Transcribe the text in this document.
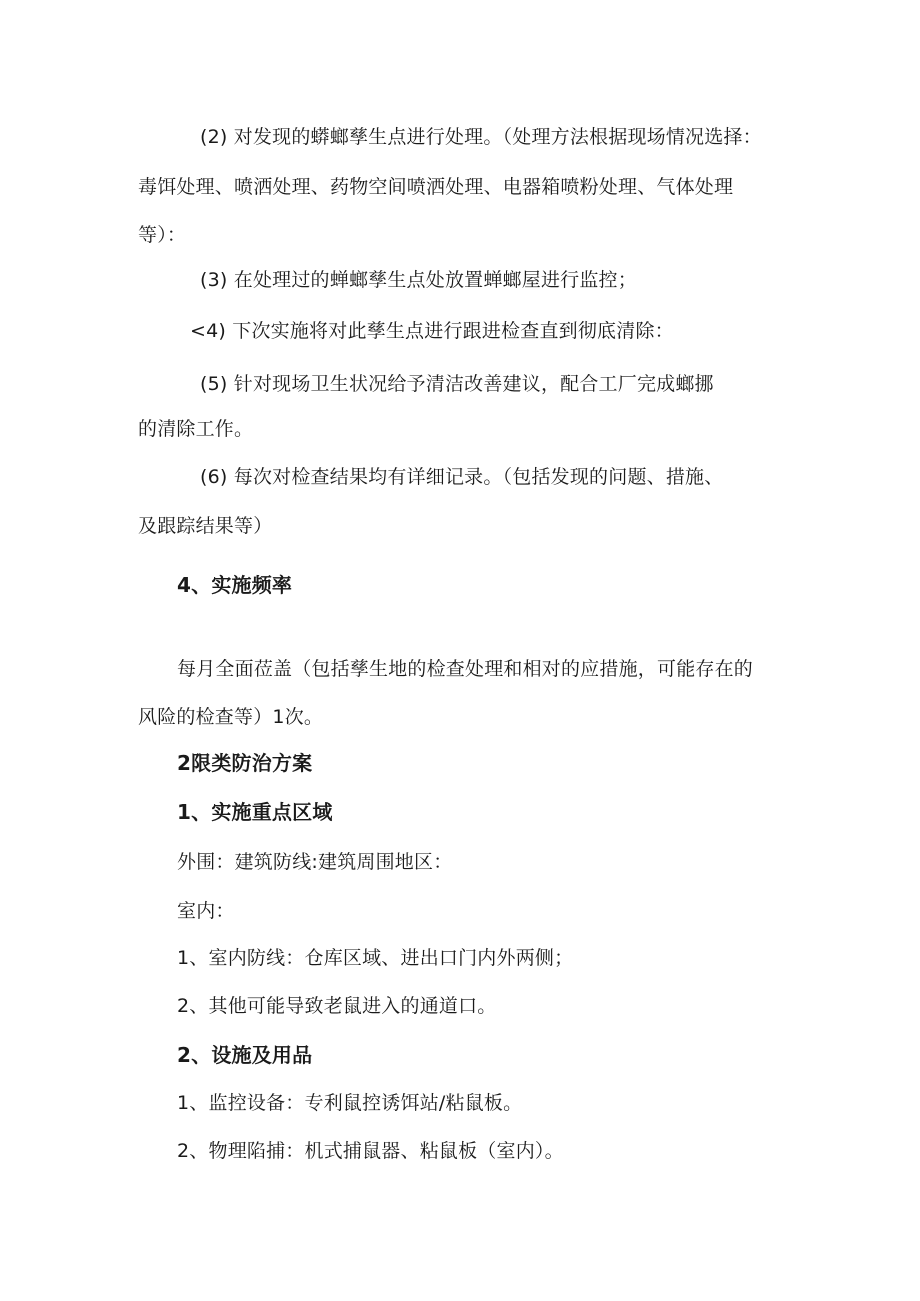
(2) 对发现的蟒螂孳生点进行处理。（处理方法根据现场情况选择：
毒饵处理、喷洒处理、药物空间喷洒处理、电器箱喷粉处理、气体处理
等）：
(3) 在处理过的蝉螂孳生点处放置蝉螂屋进行监控；
<4) 下次实施将对此孳生点进行跟进检查直到彻底清除：
(5) 针对现场卫生状况给予清洁改善建议，配合工厂完成螂挪
的清除工作。
(6) 每次对检查结果均有详细记录。（包括发现的问题、措施、
及跟踪结果等）
4、实施频率
每月全面莅盖（包括孳生地的检查处理和相对的应措施，可能存在的
风险的检查等）1次。
2限类防治方案
1、实施重点区域
外围：建筑防线:建筑周围地区：
室内：
1、室内防线：仓库区域、进出口门内外两侧；
2、其他可能导致老鼠进入的通道口。
2、设施及用品
1、监控设备：专利鼠控诱饵站/粘鼠板。
2、物理陷捕：机式捕鼠器、粘鼠板（室内）。
